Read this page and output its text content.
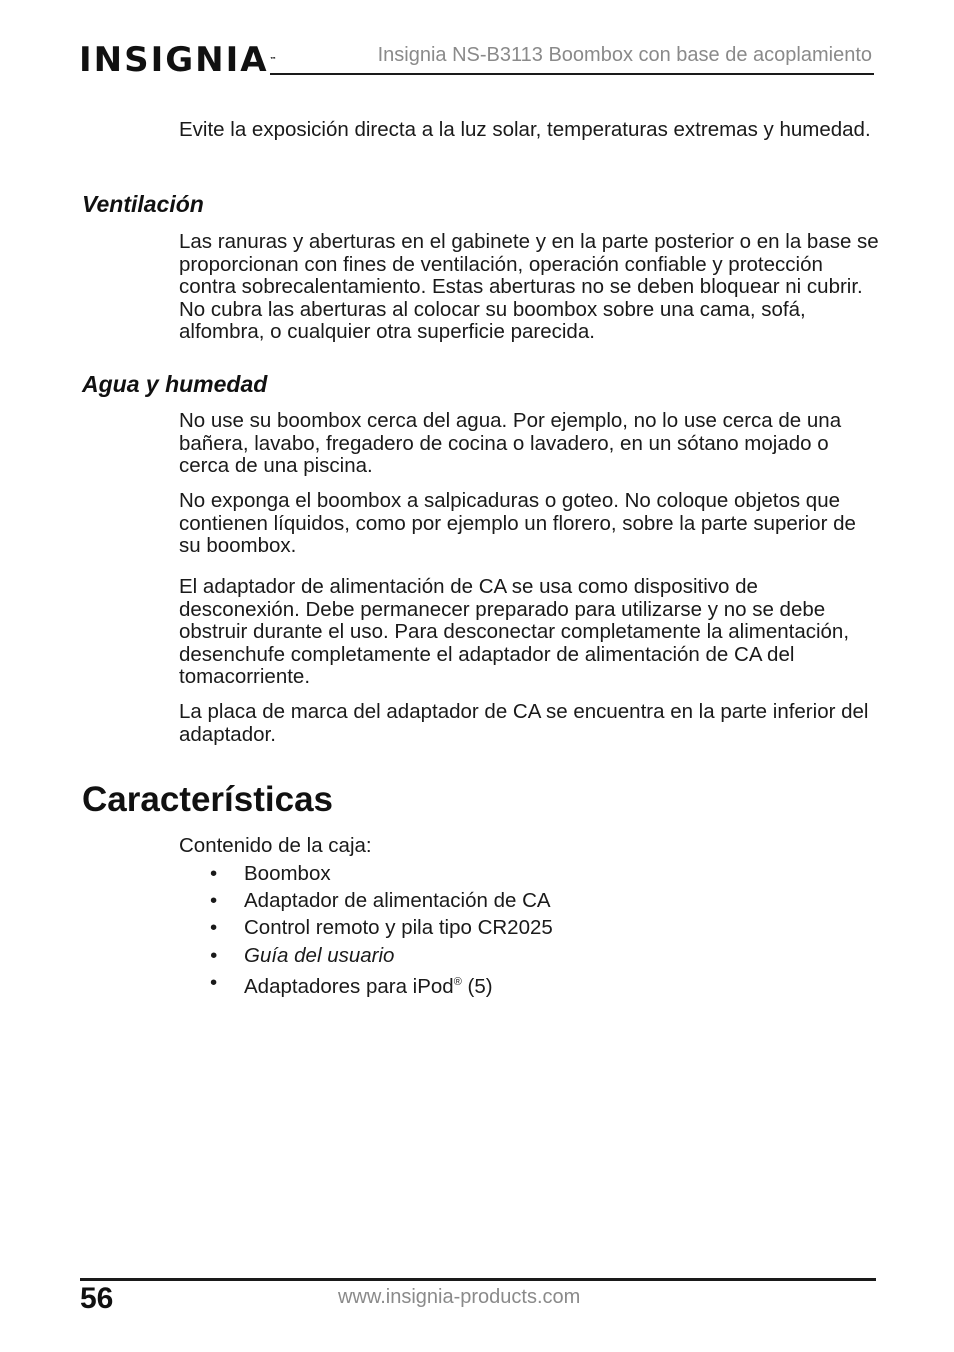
INSIGNIA™	Insignia NS-B3113 Boombox con base de acoplamiento
Evite la exposición directa a la luz solar, temperaturas extremas y humedad.
Ventilación
Las ranuras y aberturas en el gabinete y en la parte posterior o en la base se proporcionan con fines de ventilación, operación confiable y protección contra sobrecalentamiento. Estas aberturas no se deben bloquear ni cubrir. No cubra las aberturas al colocar su boombox sobre una cama, sofá, alfombra, o cualquier otra superficie parecida.
Agua y humedad
No use su boombox cerca del agua. Por ejemplo, no lo use cerca de una bañera, lavabo, fregadero de cocina o lavadero, en un sótano mojado o cerca de una piscina.
No exponga el boombox a salpicaduras o goteo. No coloque objetos que contienen líquidos, como por ejemplo un florero, sobre la parte superior de su boombox.
El adaptador de alimentación de CA se usa como dispositivo de desconexión. Debe permanecer preparado para utilizarse y no se debe obstruir durante el uso. Para desconectar completamente la alimentación, desenchufe completamente el adaptador de alimentación de CA del tomacorriente.
La placa de marca del adaptador de CA se encuentra en la parte inferior del adaptador.
Características
Contenido de la caja:
• Boombox
• Adaptador de alimentación de CA
• Control remoto y pila tipo CR2025
• Guía del usuario
• Adaptadores para iPod® (5)
56	www.insignia-products.com
